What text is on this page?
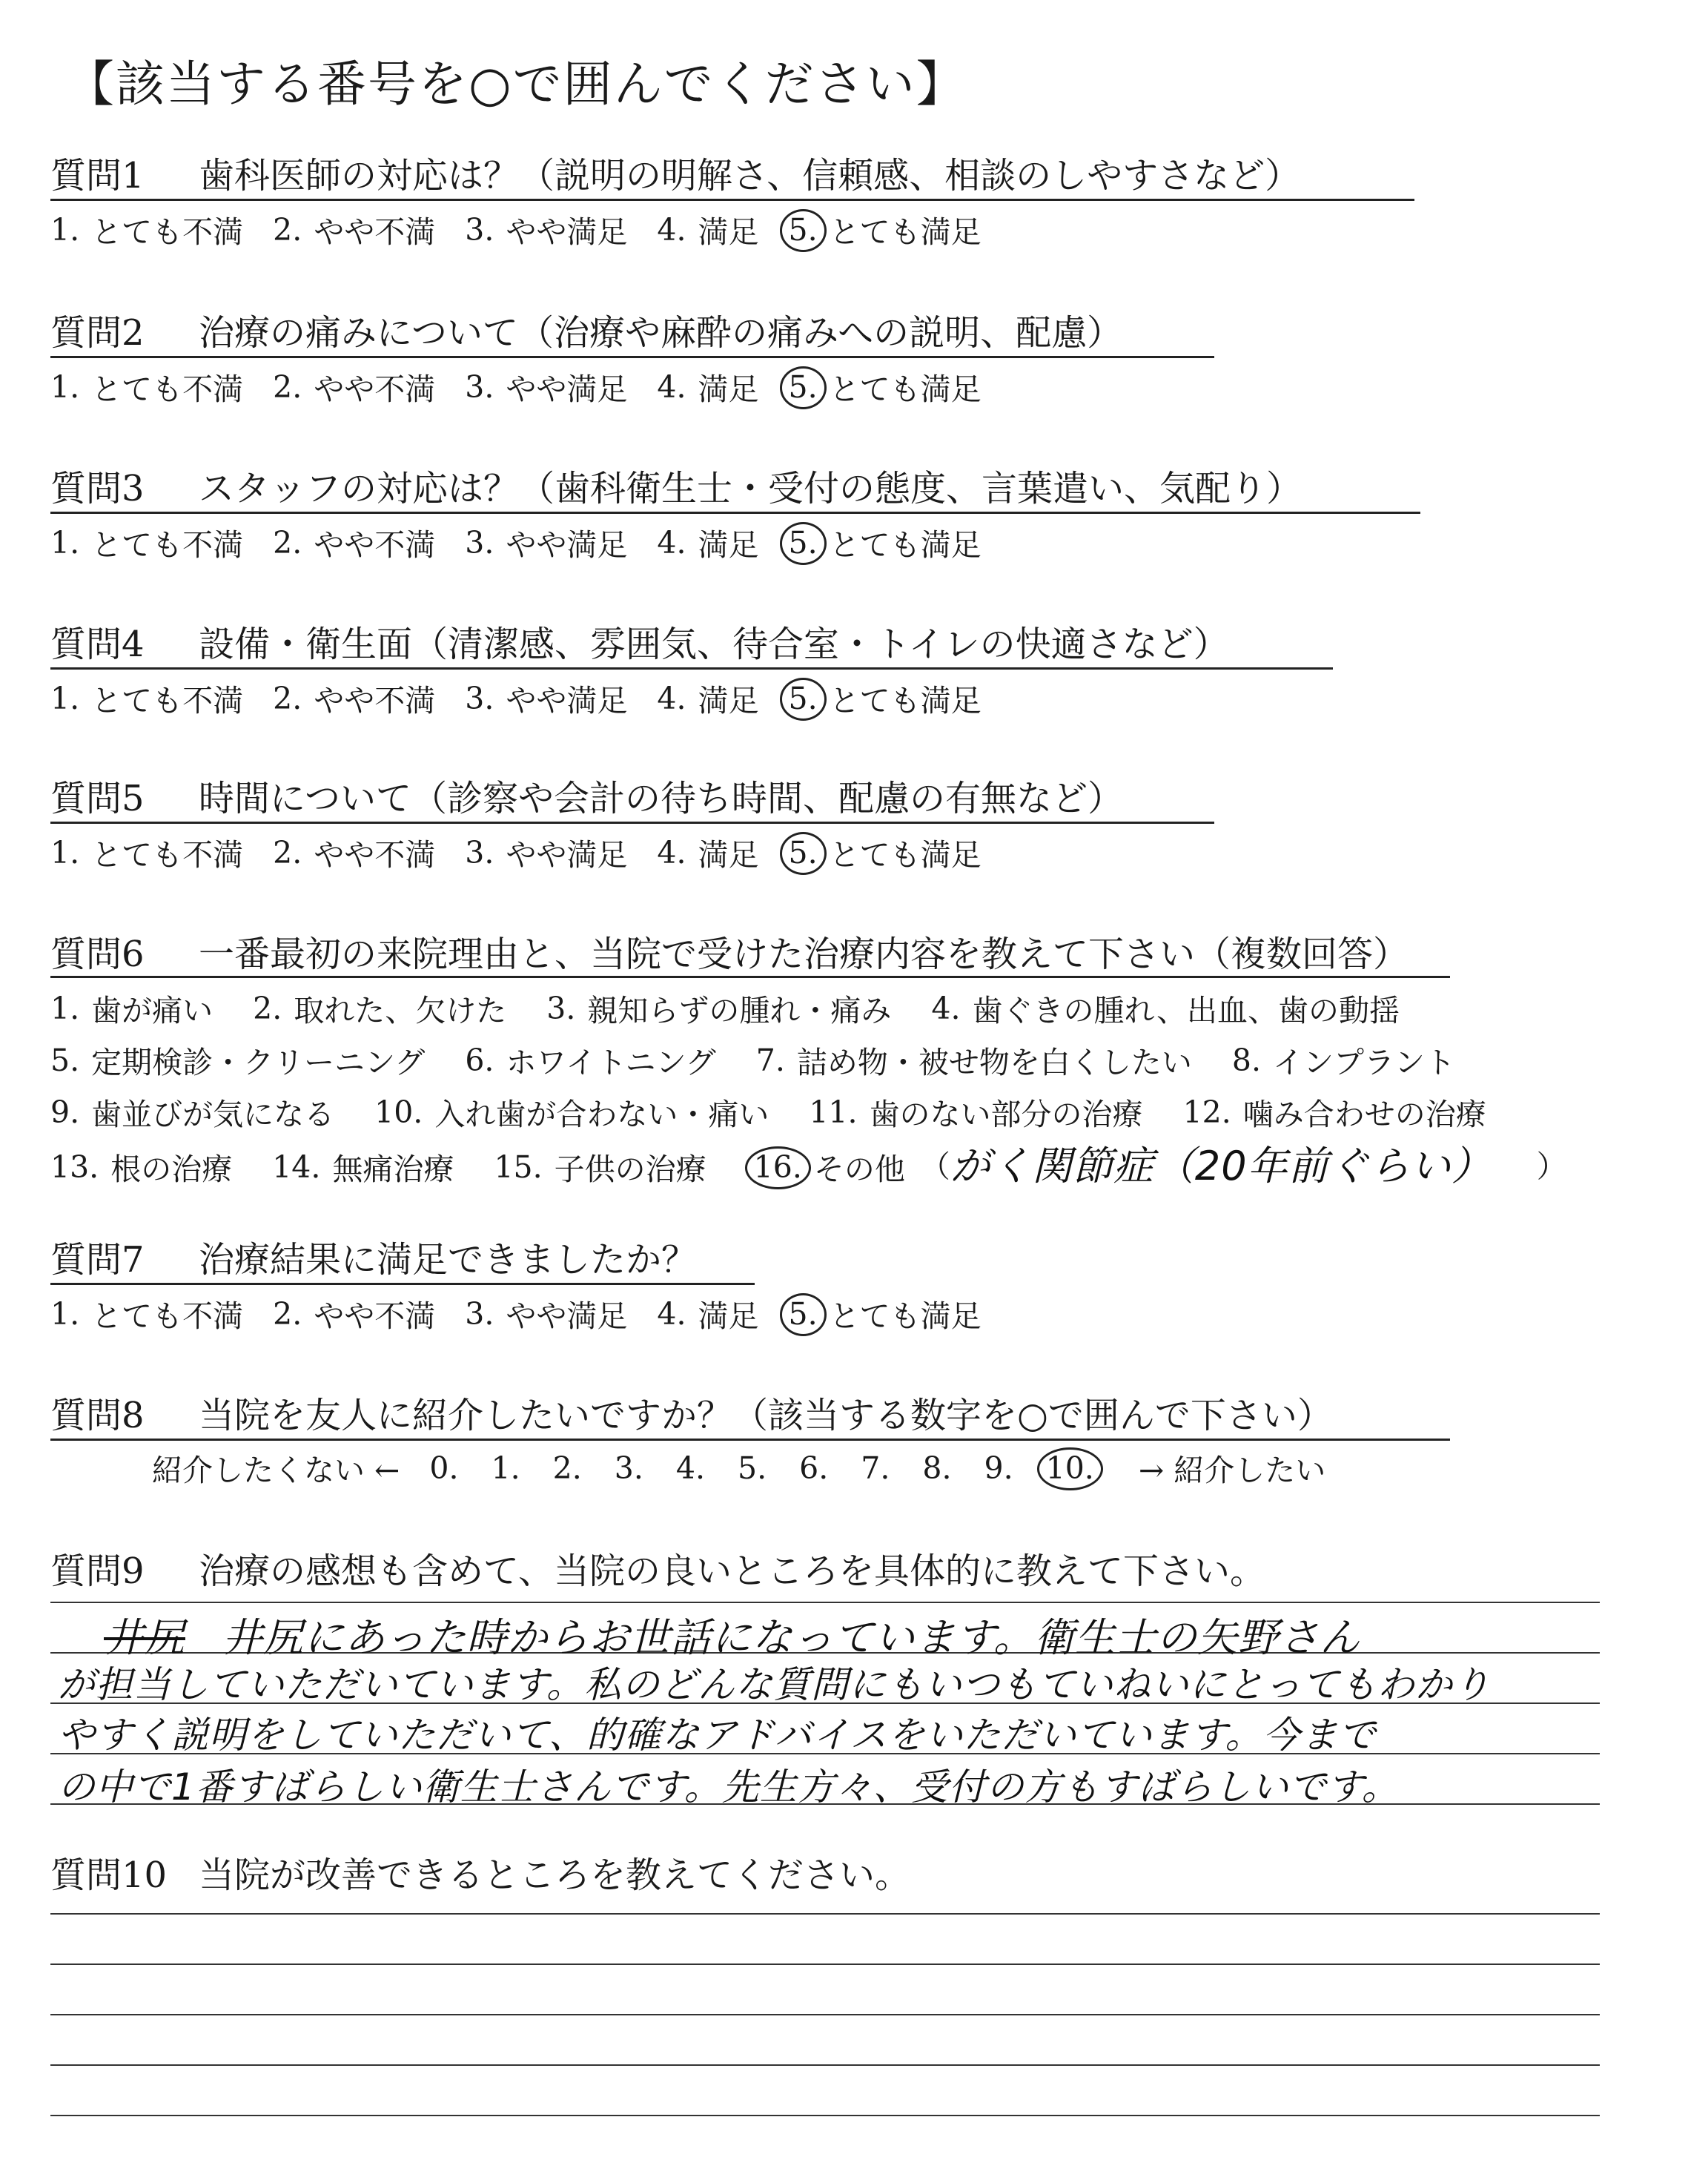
【該当する番号を○で囲んでください】
質問1 歯科医師の対応は？（説明の明解さ、信頼感、相談のしやすさなど）
1. とても不満 2. やや不満 3. やや満足 4. 満足 5. とても満足
質問2 治療の痛みについて（治療や麻酔の痛みへの説明、配慮）
1. とても不満 2. やや不満 3. やや満足 4. 満足 5. とても満足
質問3 スタッフの対応は？（歯科衛生士・受付の態度、言葉遣い、気配り）
1. とても不満 2. やや不満 3. やや満足 4. 満足 5. とても満足
質問4 設備・衛生面（清潔感、雰囲気、待合室・トイレの快適さなど）
1. とても不満 2. やや不満 3. やや満足 4. 満足 5. とても満足
質問5 時間について（診察や会計の待ち時間、配慮の有無など）
1. とても不満 2. やや不満 3. やや満足 4. 満足 5. とても満足
質問6 一番最初の来院理由と、当院で受けた治療内容を教えて下さい（複数回答）
1. 歯が痛い 2. 取れた、欠けた 3. 親知らずの腫れ・痛み 4. 歯ぐきの腫れ、出血、歯の動揺
5. 定期検診・クリーニング 6. ホワイトニング 7. 詰め物・被せ物を白くしたい 8. インプラント
9. 歯並びが気になる 10. 入れ歯が合わない・痛い 11. 歯のない部分の治療 12. 噛み合わせの治療
13. 根の治療 14. 無痛治療 15. 子供の治療 16. その他 （ がく関節症（20年前ぐらい） ）
質問7 治療結果に満足できましたか？
1. とても不満 2. やや不満 3. やや満足 4. 満足 5. とても満足
質問8 当院を友人に紹介したいですか？（該当する数字を○で囲んで下さい）
紹介したくない ← 0. 1. 2. 3. 4. 5. 6. 7. 8. 9. 10. → 紹介したい
質問9 治療の感想も含めて、当院の良いところを具体的に教えて下さい。
井尻 井尻にあった時からお世話になっています。衛生士の矢野さん
が担当していただいています。私のどんな質問にもいつもていねいにとってもわかり
やすく説明をしていただいて、的確なアドバイスをいただいています。今まで
の中で1番すばらしい衛生士さんです。先生方々、受付の方もすばらしいです。
質問10 当院が改善できるところを教えてください。
